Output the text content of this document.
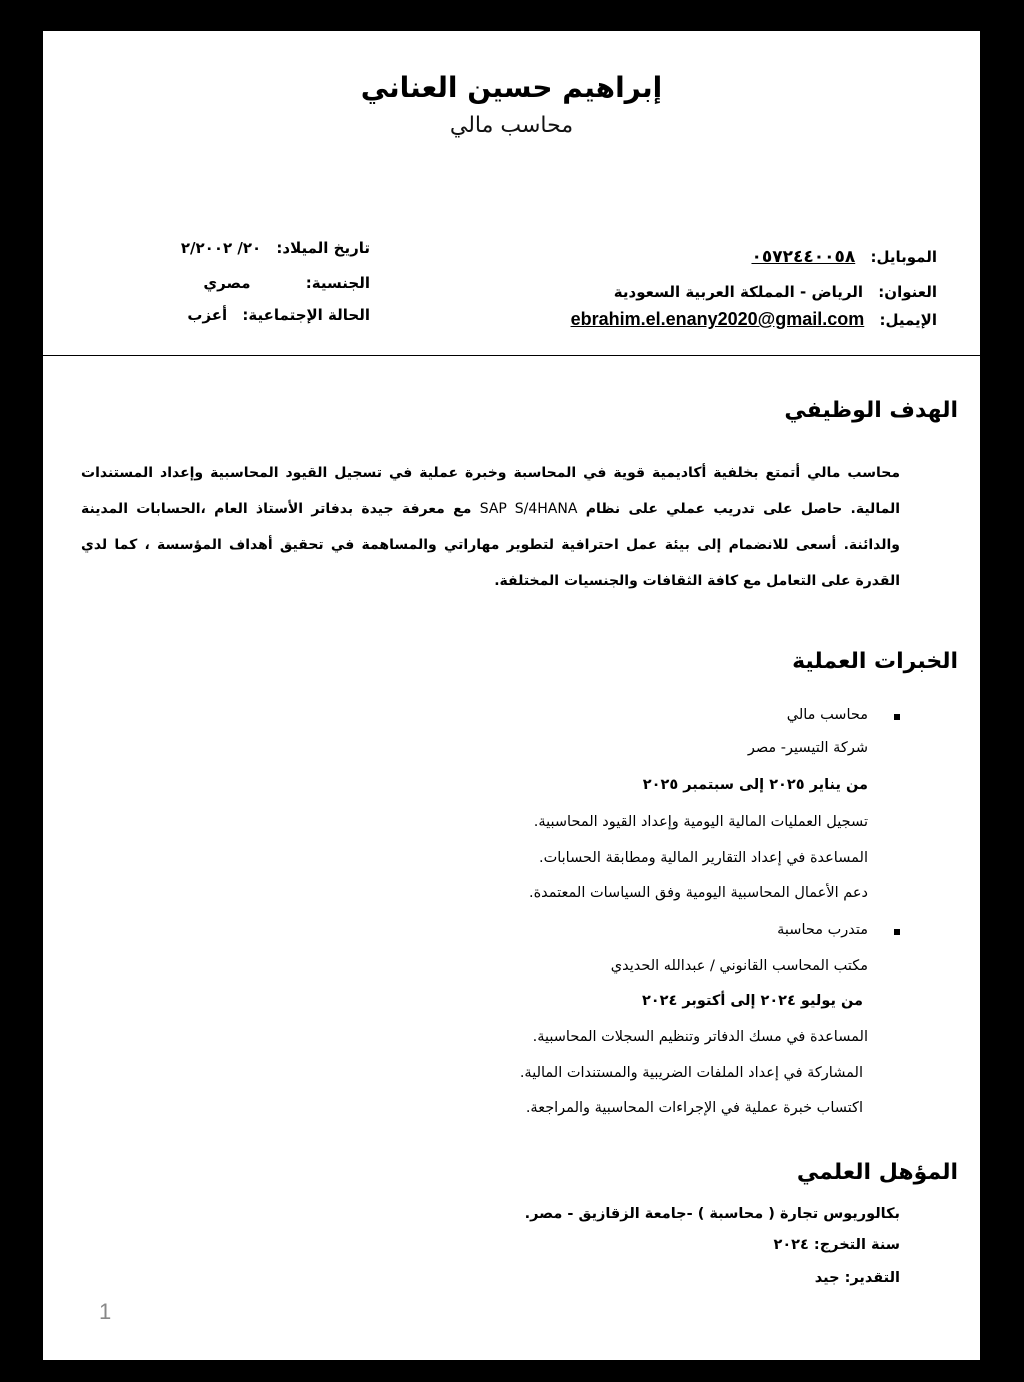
إبراهيم حسين العناني
محاسب مالي
الموبايل: ٠٥٧٢٤٤٠٠٥٨
العنوان: الرياض - المملكة العربية السعودية
الإيميل: ebrahim.el.enany2020@gmail.com
تاريخ الميلاد: ٢٠/ ٢/٢٠٠٢
الجنسية: مصري
الحالة الإجتماعية: أعزب
الهدف الوظيفي
محاسب مالي أتمتع بخلفية أكاديمية قوية في المحاسبة وخبرة عملية في تسجيل القيود المحاسبية وإعداد المستندات المالية. حاصل على تدريب عملي على نظام SAP S/4HANA مع معرفة جيدة بدفاتر الأستاذ العام ،الحسابات المدينة والدائنة. أسعى للانضمام إلى بيئة عمل احترافية لتطوير مهاراتي والمساهمة في تحقيق أهداف المؤسسة ، كما لدي القدرة على التعامل مع كافة الثقافات والجنسيات المختلفة.
الخبرات العملية
محاسب مالي
شركة التيسير- مصر
من يناير ٢٠٢٥ إلى سبتمبر ٢٠٢٥
تسجيل العمليات المالية اليومية وإعداد القيود المحاسبية.
المساعدة في إعداد التقارير المالية ومطابقة الحسابات.
دعم الأعمال المحاسبية اليومية وفق السياسات المعتمدة.
متدرب محاسبة
مكتب المحاسب القانوني / عبدالله الحديدي
من يوليو ٢٠٢٤ إلى أكتوبر ٢٠٢٤
المساعدة في مسك الدفاتر وتنظيم السجلات المحاسبية.
المشاركة في إعداد الملفات الضريبية والمستندات المالية.
اكتساب خبرة عملية في الإجراءات المحاسبية والمراجعة.
المؤهل العلمي
بكالوريوس تجارة ( محاسبة ) -جامعة الزقازيق - مصر.
سنة التخرج: ٢٠٢٤
التقدير: جيد
1
